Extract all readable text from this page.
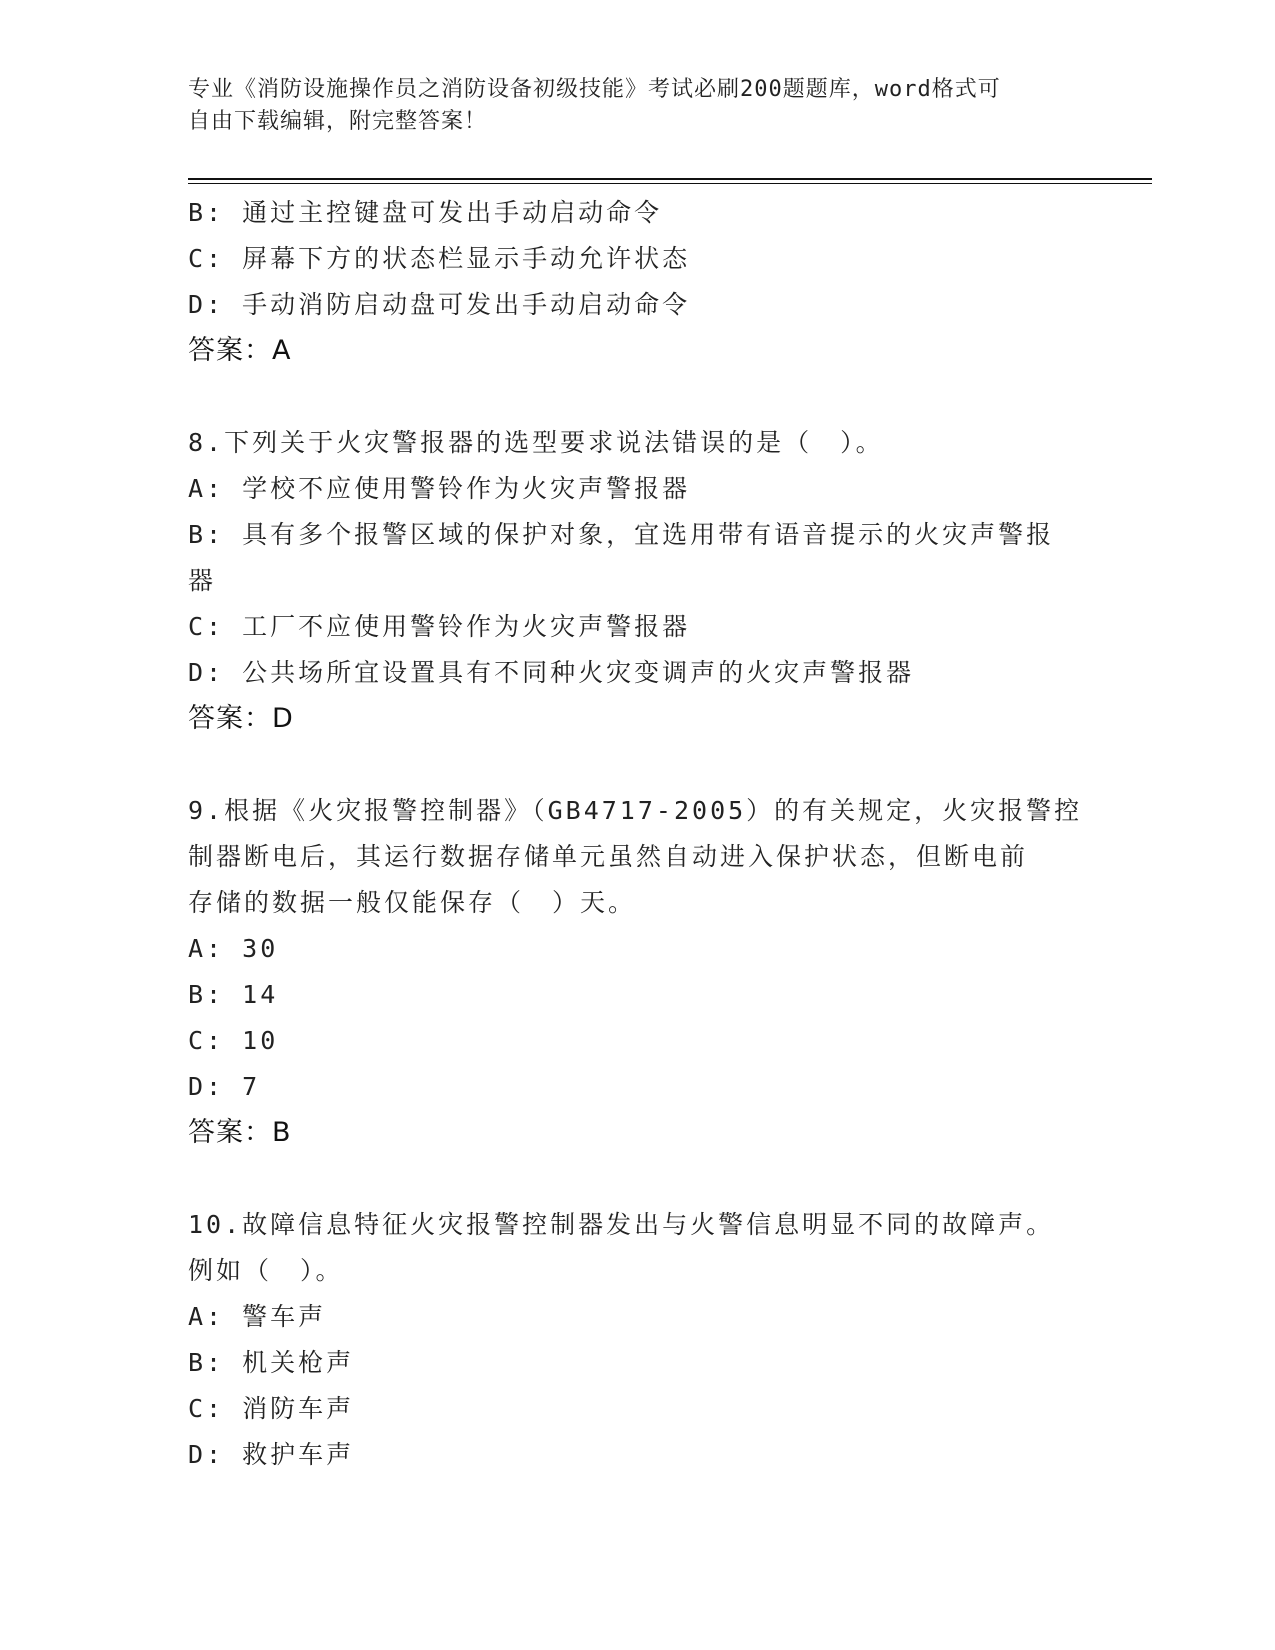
专业《消防设施操作员之消防设备初级技能》考试必刷200题题库，word格式可
自由下载编辑，附完整答案！
B: 通过主控键盘可发出手动启动命令
C: 屏幕下方的状态栏显示手动允许状态
D: 手动消防启动盘可发出手动启动命令
答案：A
8.下列关于火灾警报器的选型要求说法错误的是（　）。
A: 学校不应使用警铃作为火灾声警报器
B: 具有多个报警区域的保护对象，宜选用带有语音提示的火灾声警报
器
C: 工厂不应使用警铃作为火灾声警报器
D: 公共场所宜设置具有不同种火灾变调声的火灾声警报器
答案：D
9.根据《火灾报警控制器》（GB4717-2005）的有关规定，火灾报警控
制器断电后，其运行数据存储单元虽然自动进入保护状态，但断电前
存储的数据一般仅能保存（　）天。
A: 30
B: 14
C: 10
D: 7
答案：B
10.故障信息特征火灾报警控制器发出与火警信息明显不同的故障声。
例如（　）。
A: 警车声
B: 机关枪声
C: 消防车声
D: 救护车声
